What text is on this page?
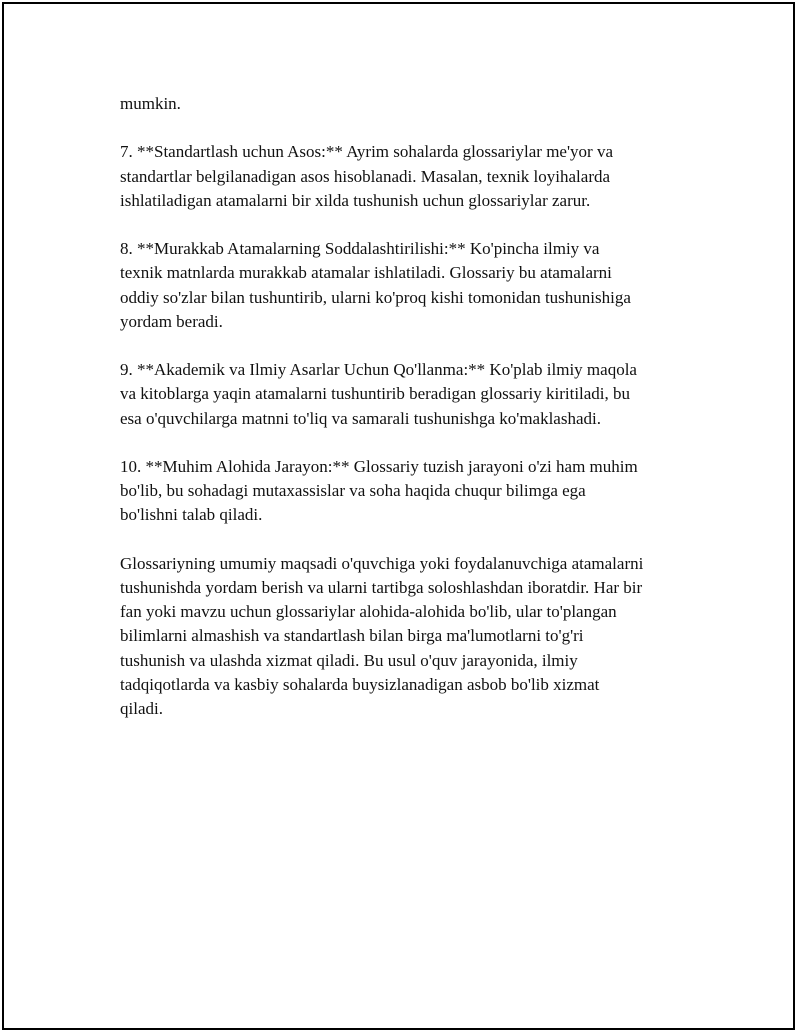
mumkin.

7. **Standartlash uchun Asos:** Ayrim sohalarda glossariylar me'yor va
standartlar belgilanadigan asos hisoblanadi. Masalan, texnik loyihalarda
ishlatiladigan atamalarni bir xilda tushunish uchun glossariylar zarur.

8. **Murakkab Atamalarning Soddalashtirilishi:** Ko'pincha ilmiy va
texnik matnlarda murakkab atamalar ishlatiladi. Glossariy bu atamalarni
oddiy so'zlar bilan tushuntirib, ularni ko'proq kishi tomonidan tushunishiga
yordam beradi.

9. **Akademik va Ilmiy Asarlar Uchun Qo'llanma:** Ko'plab ilmiy maqola
va kitoblarga yaqin atamalarni tushuntirib beradigan glossariy kiritiladi, bu
esa o'quvchilarga matnni to'liq va samarali tushunishga ko'maklashadi.

10. **Muhim Alohida Jarayon:** Glossariy tuzish jarayoni o'zi ham muhim
bo'lib, bu sohadagi mutaxassislar va soha haqida chuqur bilimga ega
bo'lishni talab qiladi.

Glossariyning umumiy maqsadi o'quvchiga yoki foydalanuvchiga atamalarni
tushunishda yordam berish va ularni tartibga soloshlashdan iboratdir. Har bir
fan yoki mavzu uchun glossariylar alohida-alohida bo'lib, ular to'plangan
bilimlarni almashish va standartlash bilan birga ma'lumotlarni to'g'ri
tushunish va ulashda xizmat qiladi. Bu usul o'quv jarayonida, ilmiy
tadqiqotlarda va kasbiy sohalarda buysizlanadigan asbob bo'lib xizmat
qiladi.
